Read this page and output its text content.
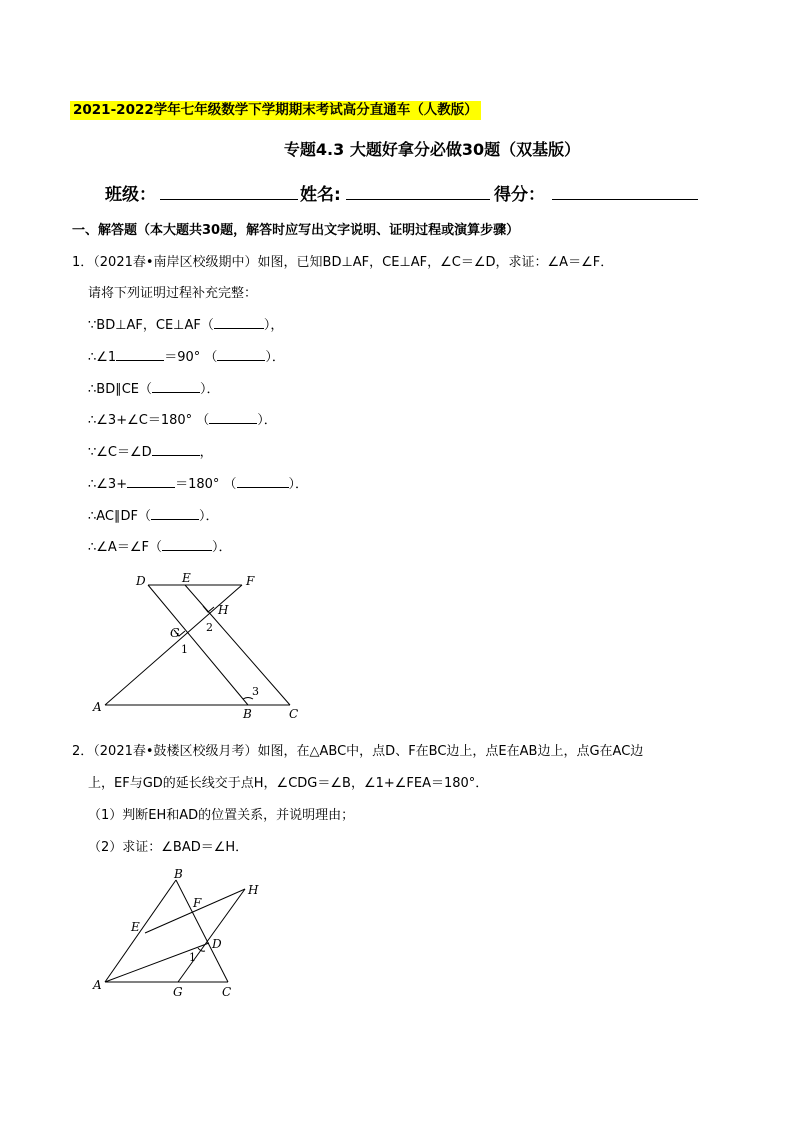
2021-2022学年七年级数学下学期期末考试高分直通车（人教版）
专题4.3 大题好拿分必做30题（双基版）
班级：	姓名:	得分：
一、解答题（本大题共30题，解答时应写出文字说明、证明过程或演算步骤）
1．（2021春•南岸区校级期中）如图，已知BD⊥AF，CE⊥AF，∠C＝∠D，求证：∠A＝∠F．
请将下列证明过程补充完整：
∵BD⊥AF，CE⊥AF（	），
∴∠1	＝90° （	）．
∴BD∥CE（	）．
∴∠3+∠C＝180° （	）．
∵∠C＝∠D	，
∴∠3+	＝180° （	）．
∴AC∥DF（	）．
∴∠A＝∠F（	）．
D	E	F
H
G
A	B	C
1
2
3
2．（2021春•鼓楼区校级月考）如图，在△ABC中，点D、F在BC边上，点E在AB边上，点G在AC边
上，EF与GD的延长线交于点H，∠CDG＝∠B，∠1+∠FEA＝180°．
（1）判断EH和AD的位置关系，并说明理由；
（2）求证：∠BAD＝∠H．
B
F
H
E
D
1
A	G	C
